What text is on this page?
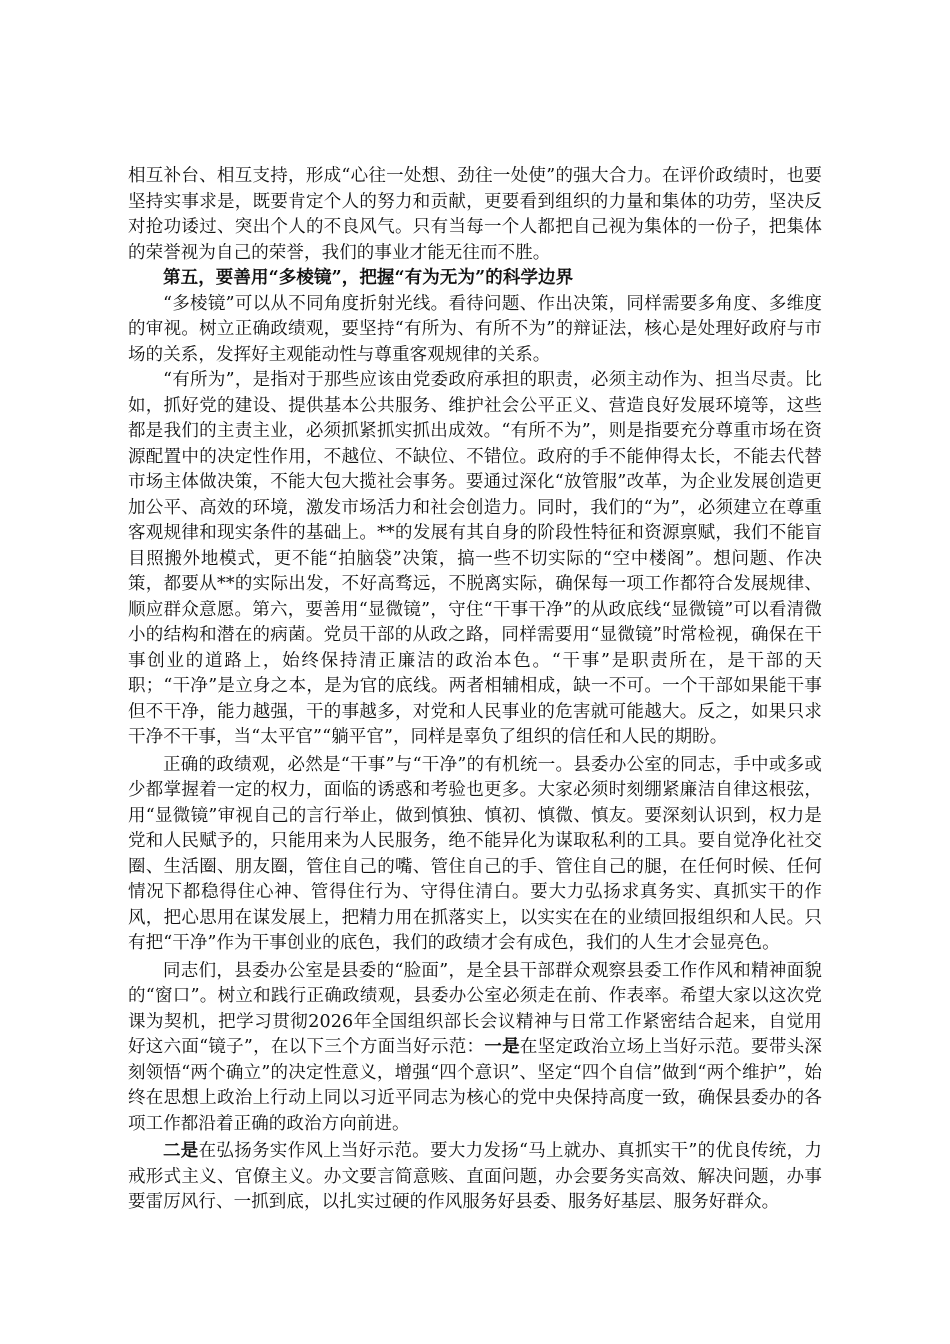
相互补台、相互支持，形成“心往一处想、劲往一处使”的强大合力。在评价政绩时，也要坚持实事求是，既要肯定个人的努力和贡献，更要看到组织的力量和集体的功劳，坚决反对抢功诿过、突出个人的不良风气。只有当每一个人都把自己视为集体的一份子，把集体的荣誉视为自己的荣誉，我们的事业才能无往而不胜。

第五，要善用“多棱镜”，把握“有为无为”的科学边界

“多棱镜”可以从不同角度折射光线。看待问题、作出决策，同样需要多角度、多维度的审视。树立正确政绩观，要坚持“有所为、有所不为”的辩证法，核心是处理好政府与市场的关系，发挥好主观能动性与尊重客观规律的关系。

“有所为”，是指对于那些应该由党委政府承担的职责，必须主动作为、担当尽责。比如，抓好党的建设、提供基本公共服务、维护社会公平正义、营造良好发展环境等，这些都是我们的主责主业，必须抓紧抓实抓出成效。“有所不为”，则是指要充分尊重市场在资源配置中的决定性作用，不越位、不缺位、不错位。政府的手不能伸得太长，不能去代替市场主体做决策，不能大包大揽社会事务。要通过深化“放管服”改革，为企业发展创造更加公平、高效的环境，激发市场活力和社会创造力。同时，我们的“为”，必须建立在尊重客观规律和现实条件的基础上。**的发展有其自身的阶段性特征和资源禀赋，我们不能盲目照搬外地模式，更不能“拍脑袋”决策，搞一些不切实际的“空中楼阁”。想问题、作决策，都要从**的实际出发，不好高骛远，不脱离实际，确保每一项工作都符合发展规律、顺应群众意愿。第六，要善用“显微镜”，守住“干事干净”的从政底线“显微镜”可以看清微小的结构和潜在的病菌。党员干部的从政之路，同样需要用“显微镜”时常检视，确保在干事创业的道路上，始终保持清正廉洁的政治本色。“干事”是职责所在，是干部的天职；“干净”是立身之本，是为官的底线。两者相辅相成，缺一不可。一个干部如果能干事但不干净，能力越强，干的事越多，对党和人民事业的危害就可能越大。反之，如果只求干净不干事，当“太平官”“躺平官”，同样是辜负了组织的信任和人民的期盼。

正确的政绩观，必然是“干事”与“干净”的有机统一。县委办公室的同志，手中或多或少都掌握着一定的权力，面临的诱惑和考验也更多。大家必须时刻绷紧廉洁自律这根弦，用“显微镜”审视自己的言行举止，做到慎独、慎初、慎微、慎友。要深刻认识到，权力是党和人民赋予的，只能用来为人民服务，绝不能异化为谋取私利的工具。要自觉净化社交圈、生活圈、朋友圈，管住自己的嘴、管住自己的手、管住自己的腿，在任何时候、任何情况下都稳得住心神、管得住行为、守得住清白。要大力弘扬求真务实、真抓实干的作风，把心思用在谋发展上，把精力用在抓落实上，以实实在在的业绩回报组织和人民。只有把“干净”作为干事创业的底色，我们的政绩才会有成色，我们的人生才会显亮色。

同志们，县委办公室是县委的“脸面”，是全县干部群众观察县委工作作风和精神面貌的“窗口”。树立和践行正确政绩观，县委办公室必须走在前、作表率。希望大家以这次党课为契机，把学习贯彻2026年全国组织部长会议精神与日常工作紧密结合起来，自觉用好这六面“镜子”，在以下三个方面当好示范：一是在坚定政治立场上当好示范。要带头深刻领悟“两个确立”的决定性意义，增强“四个意识”、坚定“四个自信”做到“两个维护”，始终在思想上政治上行动上同以习近平同志为核心的党中央保持高度一致，确保县委办的各项工作都沿着正确的政治方向前进。

二是在弘扬务实作风上当好示范。要大力发扬“马上就办、真抓实干”的优良传统，力戒形式主义、官僚主义。办文要言简意赅、直面问题，办会要务实高效、解决问题，办事要雷厉风行、一抓到底，以扎实过硬的作风服务好县委、服务好基层、服务好群众。
